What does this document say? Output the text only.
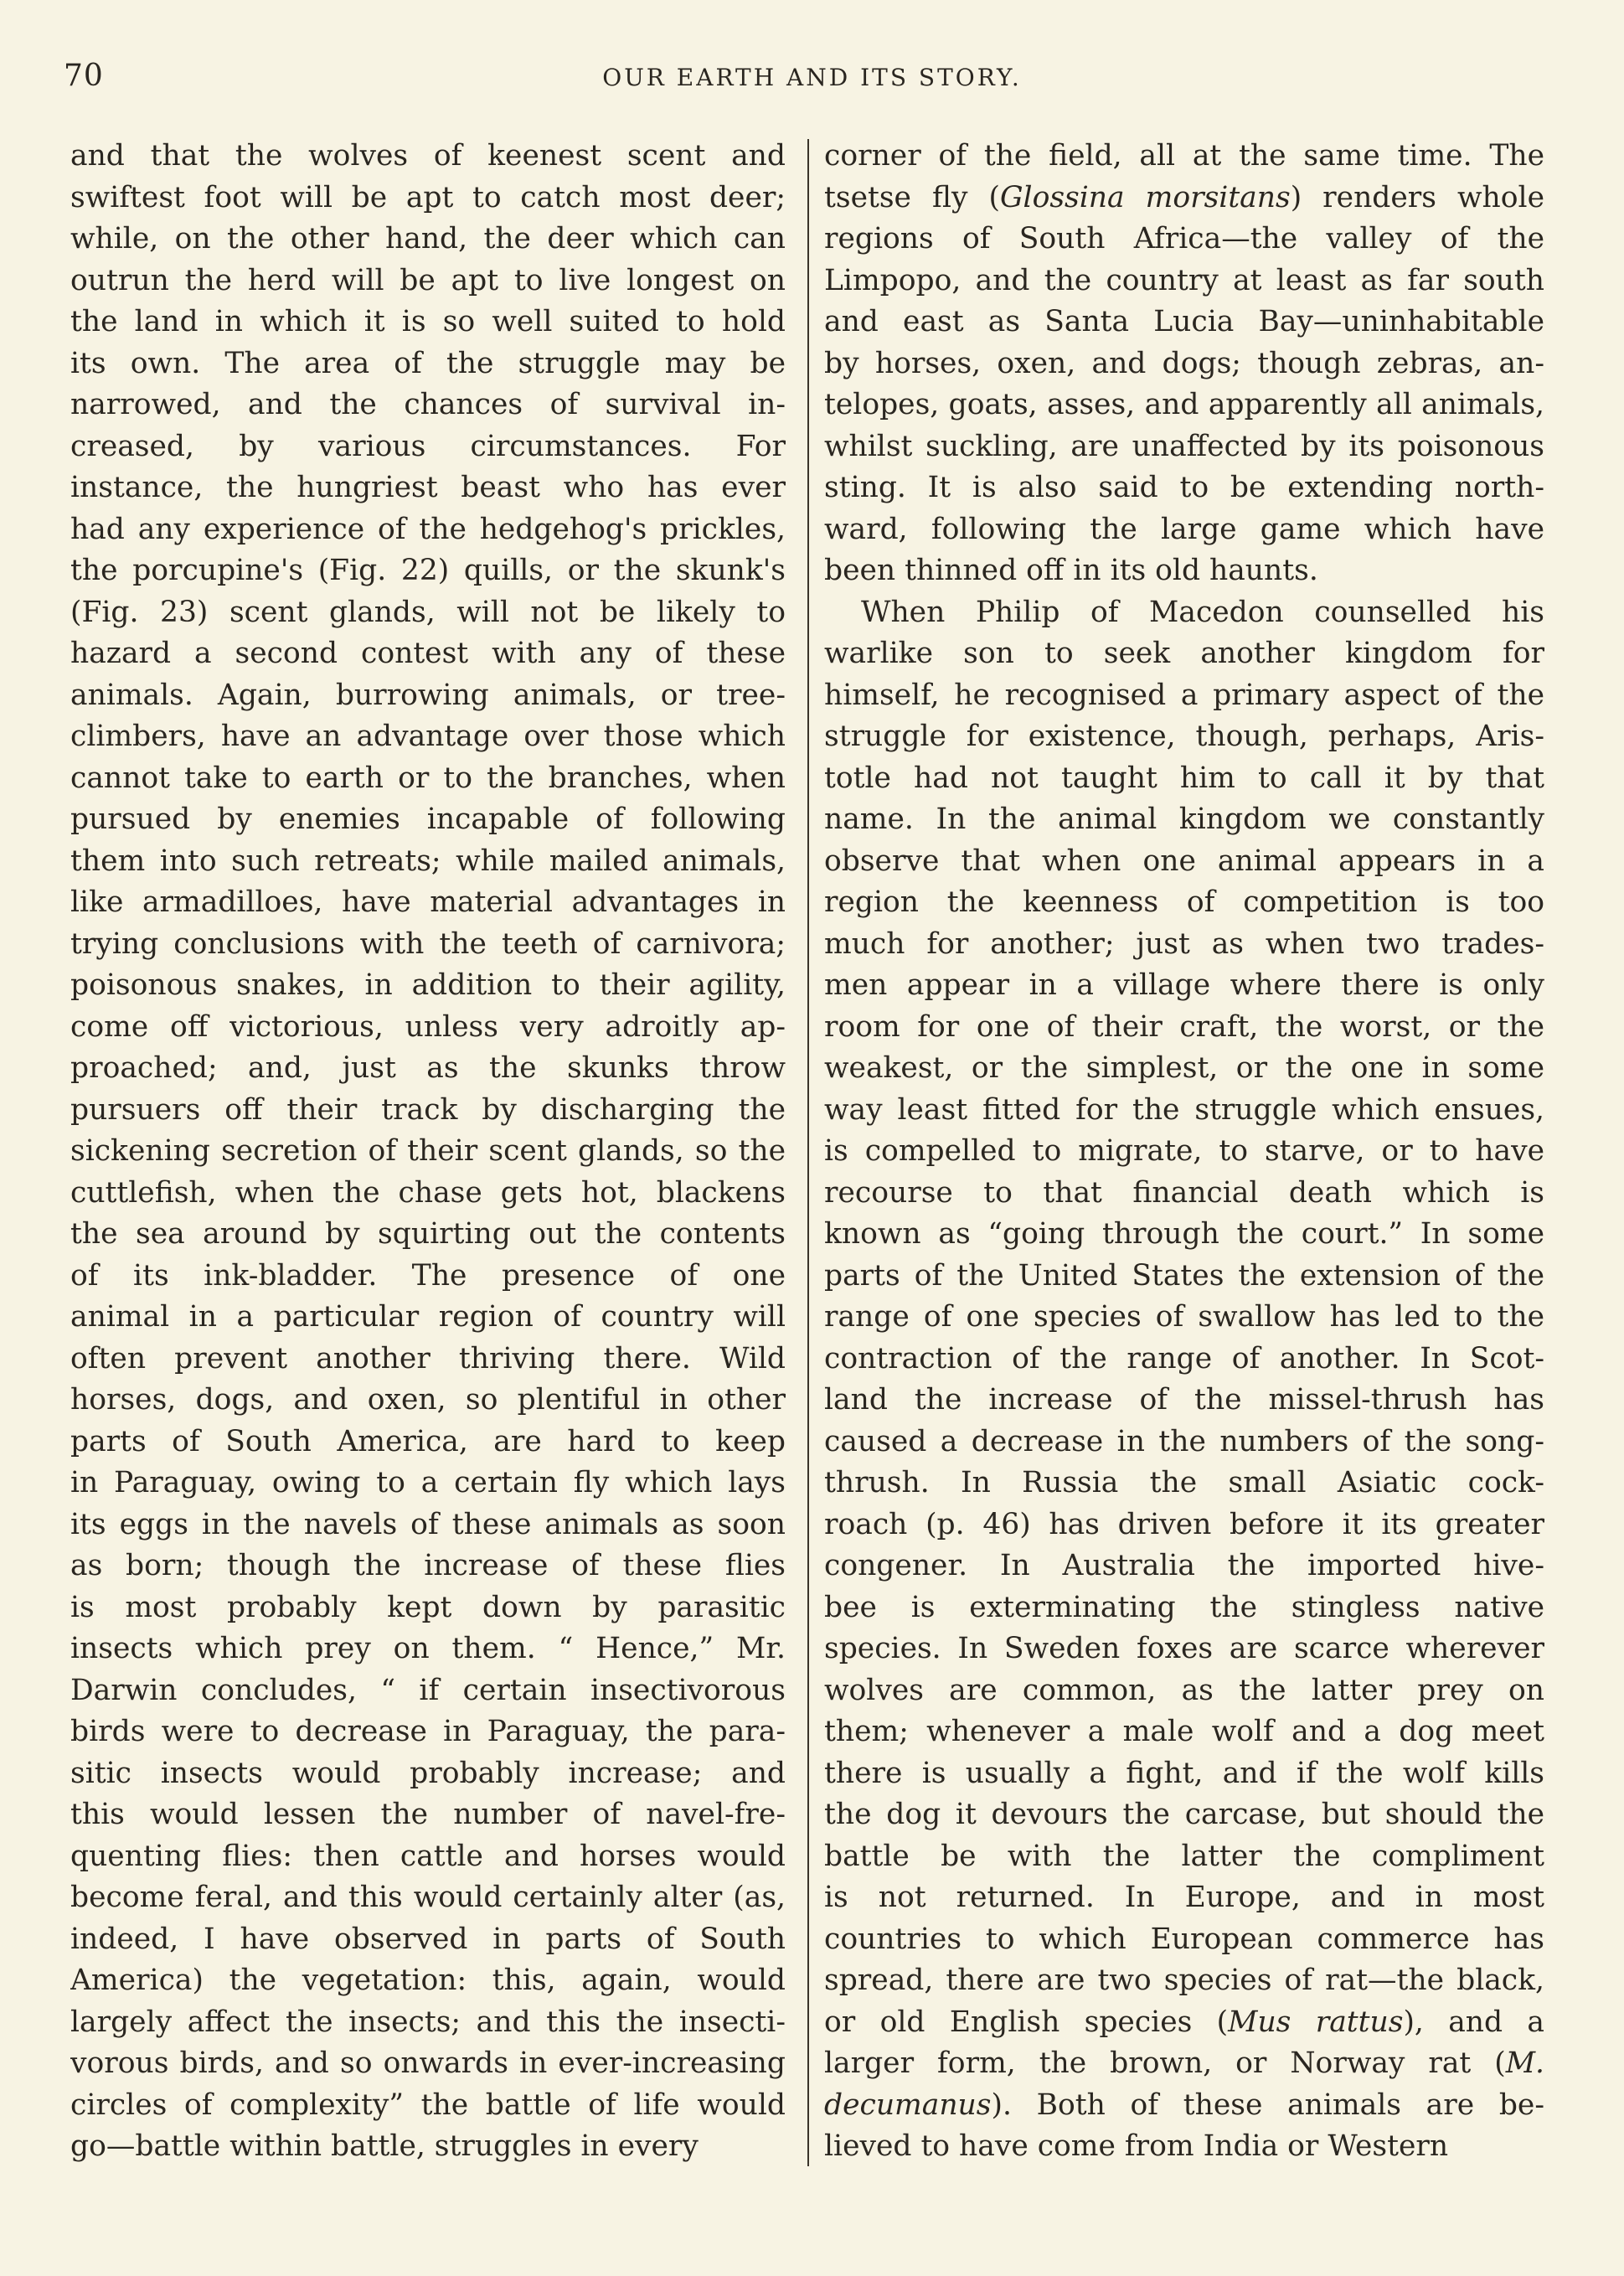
70	OUR EARTH AND ITS STORY.
and that the wolves of keenest scent and
swiftest foot will be apt to catch most deer;
while, on the other hand, the deer which can
outrun the herd will be apt to live longest on
the land in which it is so well suited to hold
its own. The area of the struggle may be
narrowed, and the chances of survival in-
creased, by various circumstances. For
instance, the hungriest beast who has ever
had any experience of the hedgehog's prickles,
the porcupine's (Fig. 22) quills, or the skunk's
(Fig. 23) scent glands, will not be likely to
hazard a second contest with any of these
animals. Again, burrowing animals, or tree-
climbers, have an advantage over those which
cannot take to earth or to the branches, when
pursued by enemies incapable of following
them into such retreats; while mailed animals,
like armadilloes, have material advantages in
trying conclusions with the teeth of carnivora;
poisonous snakes, in addition to their agility,
come off victorious, unless very adroitly ap-
proached; and, just as the skunks throw
pursuers off their track by discharging the
sickening secretion of their scent glands, so the
cuttlefish, when the chase gets hot, blackens
the sea around by squirting out the contents
of its ink-bladder. The presence of one
animal in a particular region of country will
often prevent another thriving there. Wild
horses, dogs, and oxen, so plentiful in other
parts of South America, are hard to keep
in Paraguay, owing to a certain fly which lays
its eggs in the navels of these animals as soon
as born; though the increase of these flies
is most probably kept down by parasitic
insects which prey on them. “ Hence,” Mr.
Darwin concludes, “ if certain insectivorous
birds were to decrease in Paraguay, the para-
sitic insects would probably increase; and
this would lessen the number of navel-fre-
quenting flies: then cattle and horses would
become feral, and this would certainly alter (as,
indeed, I have observed in parts of South
America) the vegetation: this, again, would
largely affect the insects; and this the insecti-
vorous birds, and so onwards in ever-increasing
circles of complexity” the battle of life would
go—battle within battle, struggles in every
corner of the field, all at the same time. The
tsetse fly (Glossina morsitans) renders whole
regions of South Africa—the valley of the
Limpopo, and the country at least as far south
and east as Santa Lucia Bay—uninhabitable
by horses, oxen, and dogs; though zebras, an-
telopes, goats, asses, and apparently all animals,
whilst suckling, are unaffected by its poisonous
sting. It is also said to be extending north-
ward, following the large game which have
been thinned off in its old haunts.
When Philip of Macedon counselled his
warlike son to seek another kingdom for
himself, he recognised a primary aspect of the
struggle for existence, though, perhaps, Aris-
totle had not taught him to call it by that
name. In the animal kingdom we constantly
observe that when one animal appears in a
region the keenness of competition is too
much for another; just as when two trades-
men appear in a village where there is only
room for one of their craft, the worst, or the
weakest, or the simplest, or the one in some
way least fitted for the struggle which ensues,
is compelled to migrate, to starve, or to have
recourse to that financial death which is
known as “going through the court.” In some
parts of the United States the extension of the
range of one species of swallow has led to the
contraction of the range of another. In Scot-
land the increase of the missel-thrush has
caused a decrease in the numbers of the song-
thrush. In Russia the small Asiatic cock-
roach (p. 46) has driven before it its greater
congener. In Australia the imported hive-
bee is exterminating the stingless native
species. In Sweden foxes are scarce wherever
wolves are common, as the latter prey on
them; whenever a male wolf and a dog meet
there is usually a fight, and if the wolf kills
the dog it devours the carcase, but should the
battle be with the latter the compliment
is not returned. In Europe, and in most
countries to which European commerce has
spread, there are two species of rat—the black,
or old English species (Mus rattus), and a
larger form, the brown, or Norway rat (M.
decumanus). Both of these animals are be-
lieved to have come from India or Western
